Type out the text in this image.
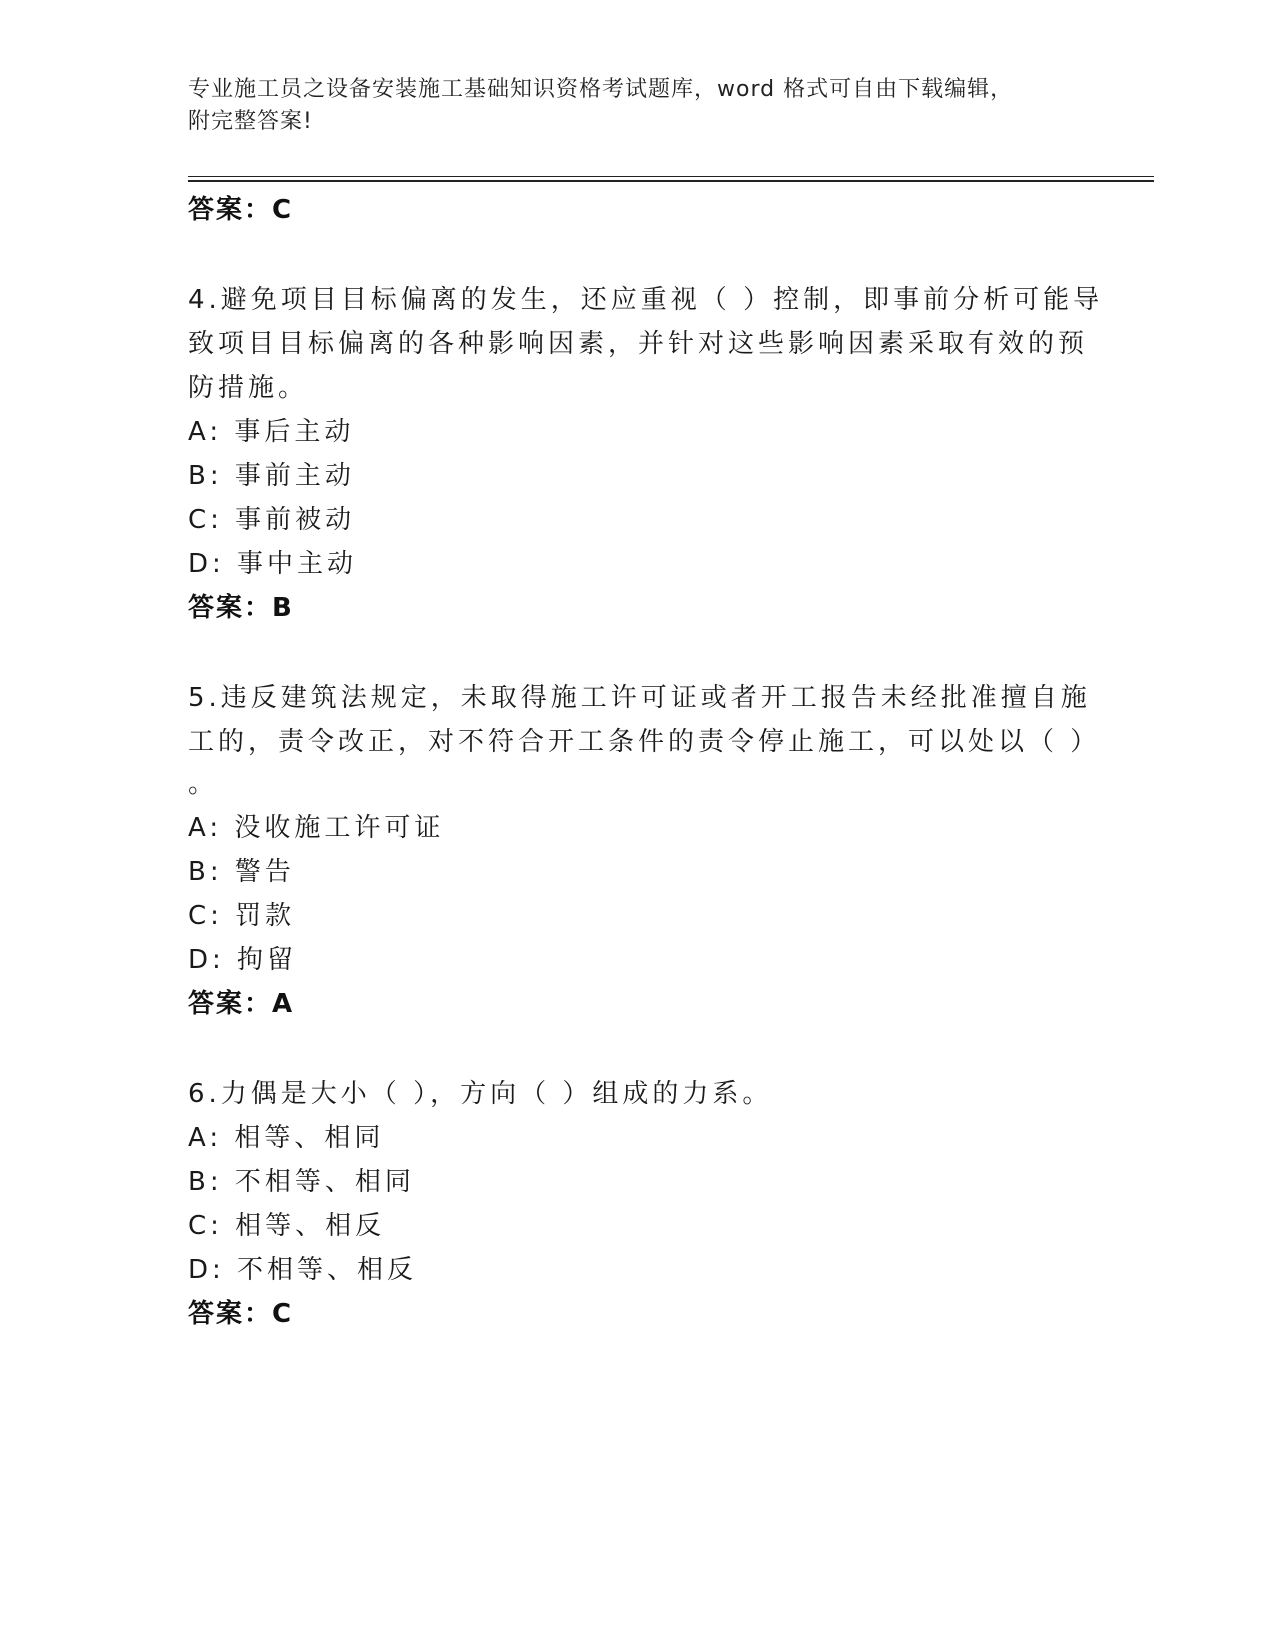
专业施工员之设备安装施工基础知识资格考试题库，word 格式可自由下载编辑，
附完整答案!
答案：C
4.避免项目目标偏离的发生，还应重视（ ）控制，即事前分析可能导
致项目目标偏离的各种影响因素，并针对这些影响因素采取有效的预
防措施。
A: 事后主动
B: 事前主动
C: 事前被动
D: 事中主动
答案：B
5.违反建筑法规定，未取得施工许可证或者开工报告未经批准擅自施
工的，责令改正，对不符合开工条件的责令停止施工，可以处以（ ）
。
A: 没收施工许可证
B: 警告
C: 罚款
D: 拘留
答案：A
6.力偶是大小（ ），方向（ ）组成的力系。
A: 相等、相同
B: 不相等、相同
C: 相等、相反
D: 不相等、相反
答案：C
